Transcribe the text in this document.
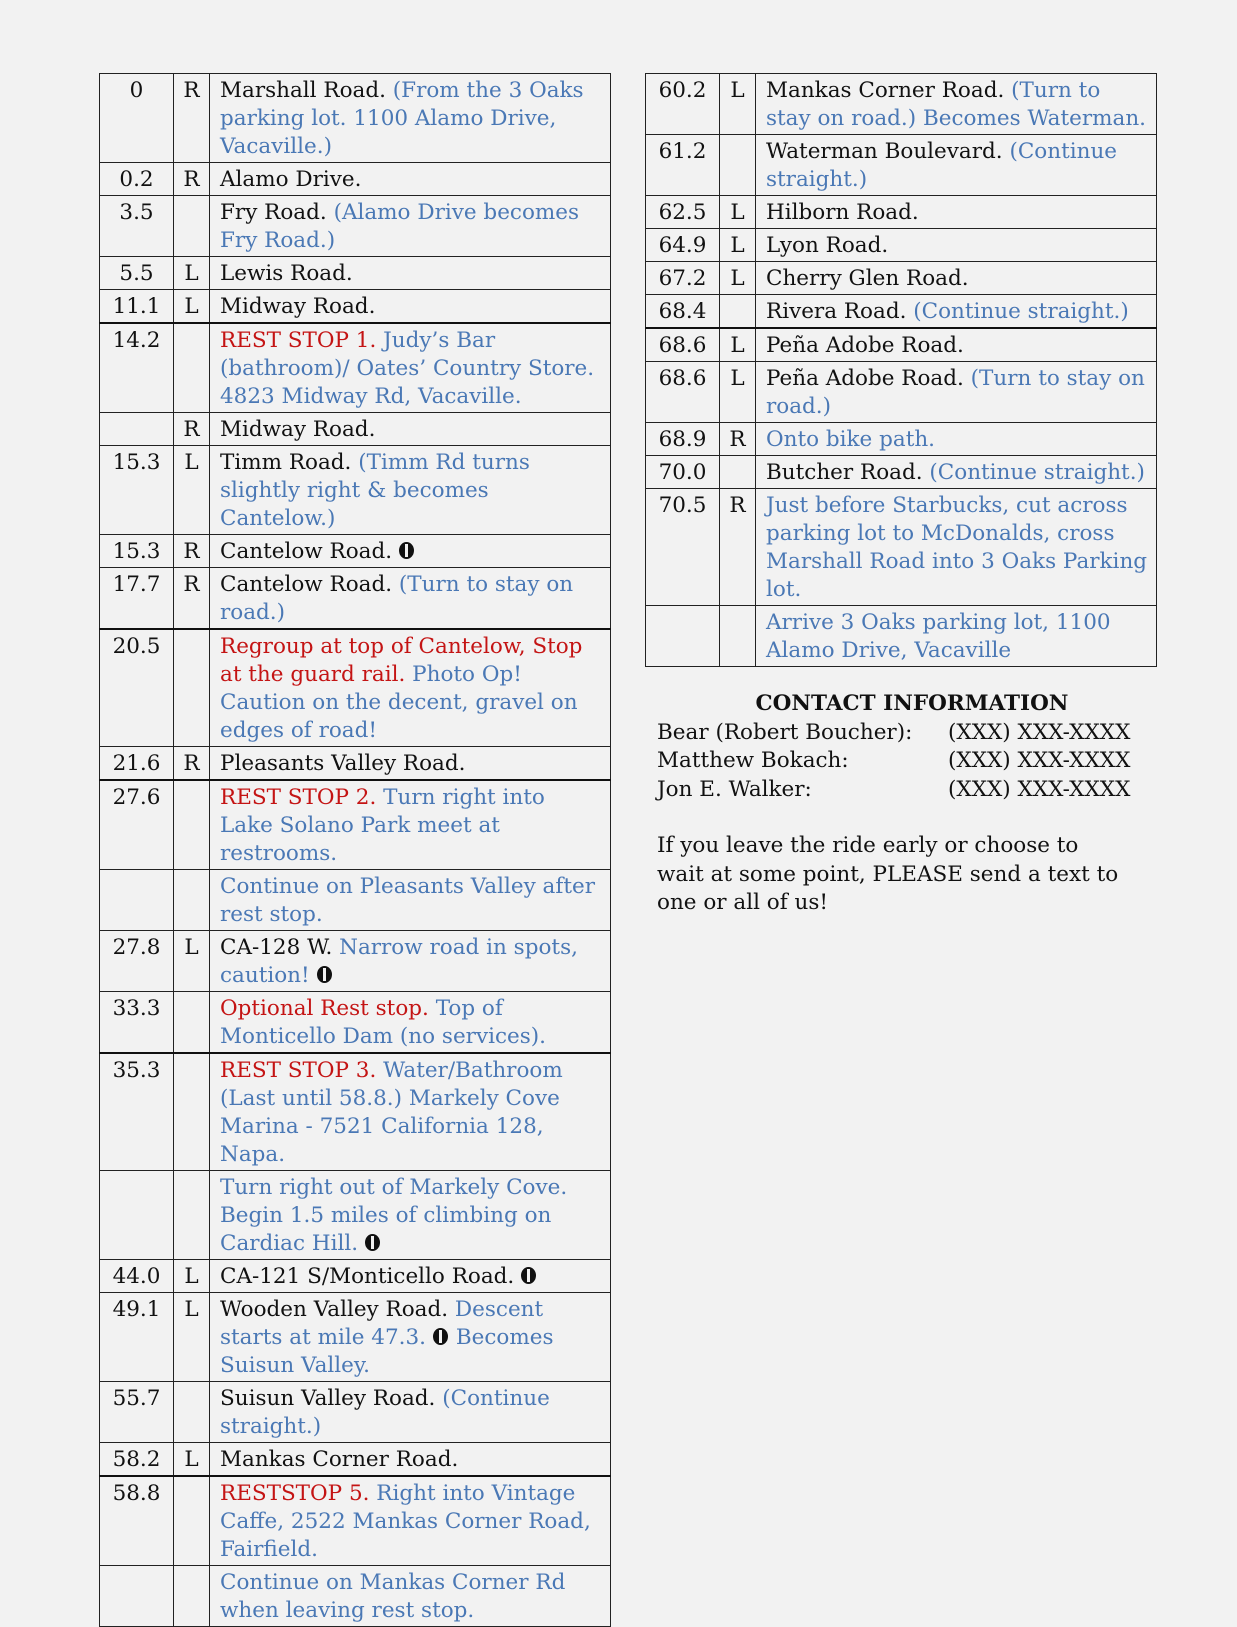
0	R	Marshall Road. (From the 3 Oaks parking lot. 1100 Alamo Drive, Vacaville.)
0.2	R	Alamo Drive.
3.5		Fry Road. (Alamo Drive becomes Fry Road.)
5.5	L	Lewis Road.
11.1	L	Midway Road.
14.2		REST STOP 1. Judy’s Bar (bathroom)/ Oates’ Country Store. 4823 Midway Rd, Vacaville.
	R	Midway Road.
15.3	L	Timm Road. (Timm Rd turns slightly right & becomes Cantelow.)
15.3	R	Cantelow Road.
17.7	R	Cantelow Road. (Turn to stay on road.)
20.5		Regroup at top of Cantelow, Stop at the guard rail. Photo Op! Caution on the decent, gravel on edges of road!
21.6	R	Pleasants Valley Road.
27.6		REST STOP 2. Turn right into Lake Solano Park meet at restrooms.
		Continue on Pleasants Valley after rest stop.
27.8	L	CA-128 W. Narrow road in spots, caution!
33.3		Optional Rest stop. Top of Monticello Dam (no services).
35.3		REST STOP 3. Water/Bathroom (Last until 58.8.) Markely Cove Marina - 7521 California 128, Napa.
		Turn right out of Markely Cove. Begin 1.5 miles of climbing on Cardiac Hill.
44.0	L	CA-121 S/Monticello Road.
49.1	L	Wooden Valley Road. Descent starts at mile 47.3. Becomes Suisun Valley.
55.7		Suisun Valley Road. (Continue straight.)
58.2	L	Mankas Corner Road.
58.8		RESTSTOP 5. Right into Vintage Caffe, 2522 Mankas Corner Road, Fairfield.
		Continue on Mankas Corner Rd when leaving rest stop.
60.2	L	Mankas Corner Road. (Turn to stay on road.) Becomes Waterman.
61.2		Waterman Boulevard. (Continue straight.)
62.5	L	Hilborn Road.
64.9	L	Lyon Road.
67.2	L	Cherry Glen Road.
68.4		Rivera Road. (Continue straight.)
68.6	L	Peña Adobe Road.
68.6	L	Peña Adobe Road. (Turn to stay on road.)
68.9	R	Onto bike path.
70.0		Butcher Road. (Continue straight.)
70.5	R	Just before Starbucks, cut across parking lot to McDonalds, cross Marshall Road into 3 Oaks Parking lot.
		Arrive 3 Oaks parking lot, 1100 Alamo Drive, Vacaville
CONTACT INFORMATION
Bear (Robert Boucher): (XXX) XXX-XXXX
Matthew Bokach:	(XXX) XXX-XXXX
Jon E. Walker:	(XXX) XXX-XXXX
If you leave the ride early or choose to wait at some point, PLEASE send a text to one or all of us!
